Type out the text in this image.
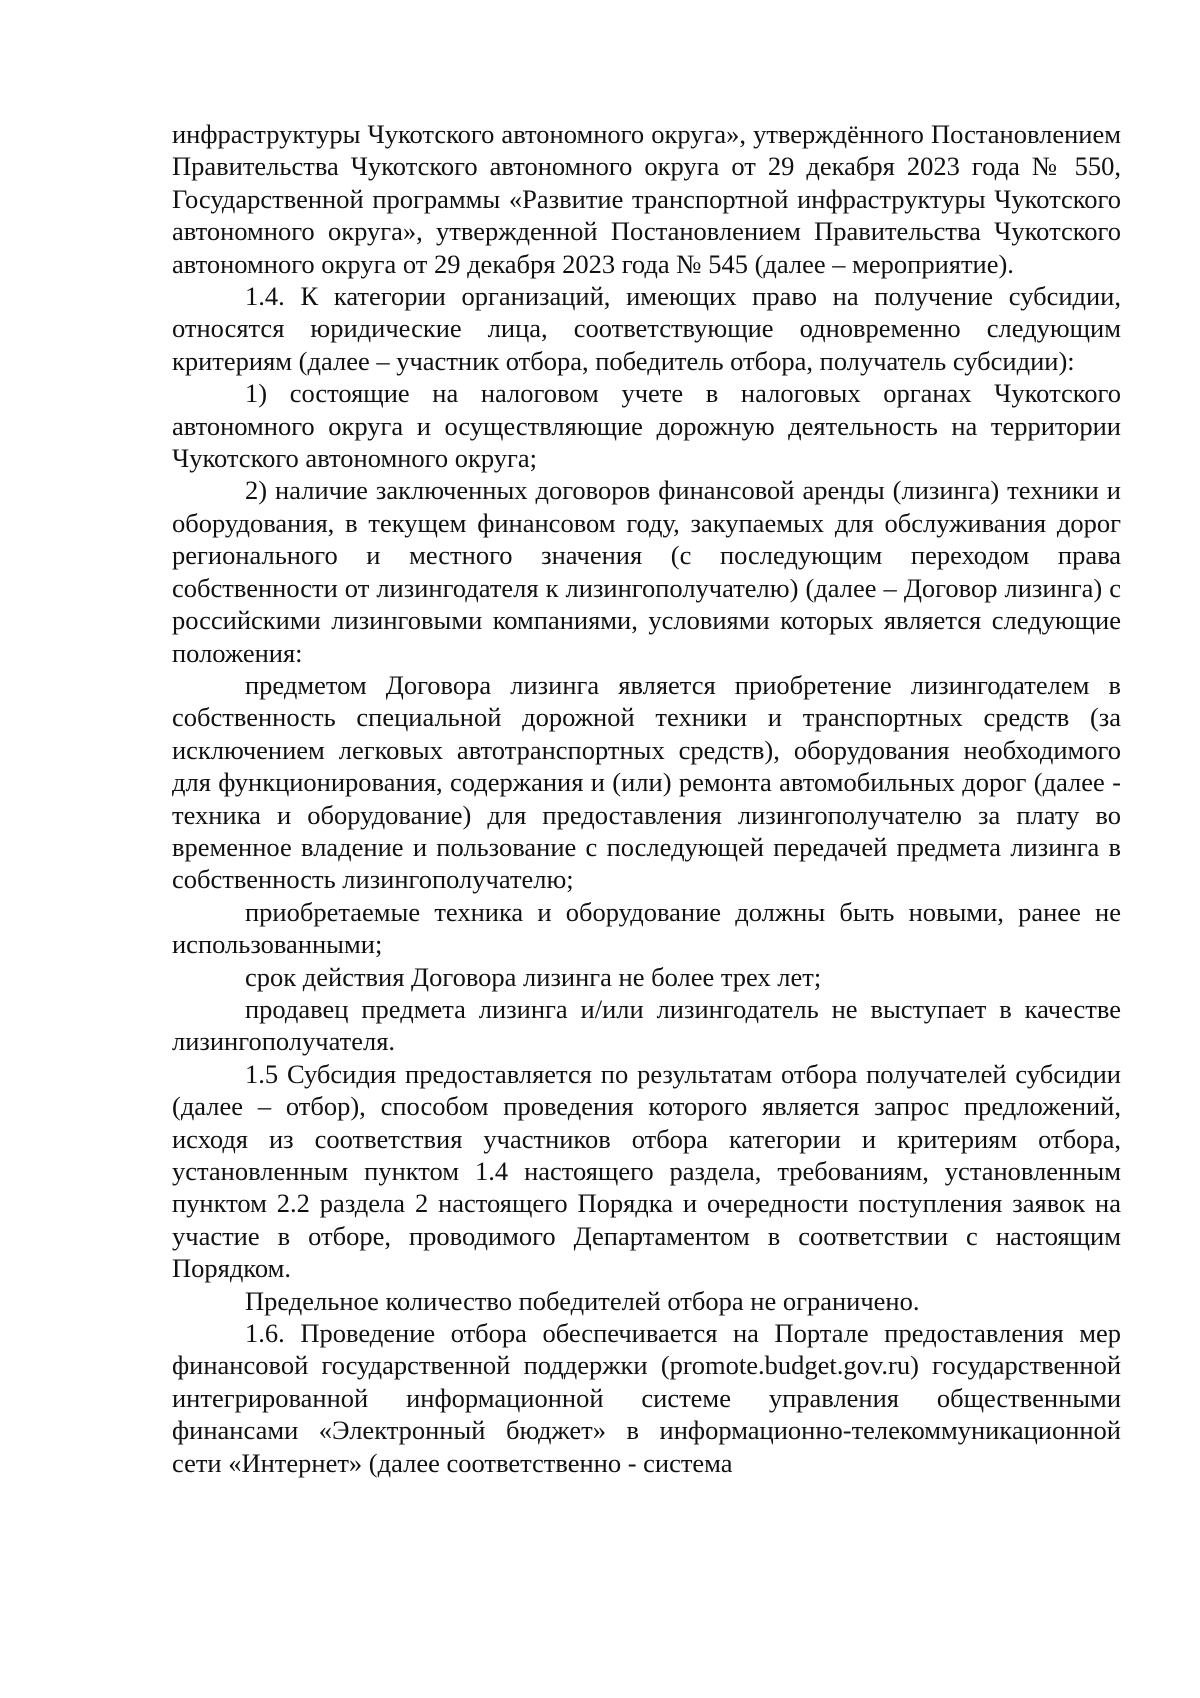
инфраструктуры Чукотского автономного округа», утверждённого Постановлением Правительства Чукотского автономного округа от 29 декабря 2023 года № 550, Государственной программы «Развитие транспортной инфраструктуры Чукотского автономного округа», утвержденной Постановлением Правительства Чукотского автономного округа от 29 декабря 2023 года № 545 (далее – мероприятие).

1.4. К категории организаций, имеющих право на получение субсидии, относятся юридические лица, соответствующие одновременно следующим критериям (далее – участник отбора, победитель отбора, получатель субсидии):

1) состоящие на налоговом учете в налоговых органах Чукотского автономного округа и осуществляющие дорожную деятельность на территории Чукотского автономного округа;

2) наличие заключенных договоров финансовой аренды (лизинга) техники и оборудования, в текущем финансовом году, закупаемых для обслуживания дорог регионального и местного значения (с последующим переходом права собственности от лизингодателя к лизингополучателю) (далее – Договор лизинга) с российскими лизинговыми компаниями, условиями которых является следующие положения:

предметом Договора лизинга является приобретение лизингодателем в собственность специальной дорожной техники и транспортных средств (за исключением легковых автотранспортных средств), оборудования необходимого для функционирования, содержания и (или) ремонта автомобильных дорог (далее - техника и оборудование) для предоставления лизингополучателю за плату во временное владение и пользование с последующей передачей предмета лизинга в собственность лизингополучателю;

приобретаемые техника и оборудование должны быть новыми, ранее не использованными;

срок действия Договора лизинга не более трех лет;

продавец предмета лизинга и/или лизингодатель не выступает в качестве лизингополучателя.

1.5 Субсидия предоставляется по результатам отбора получателей субсидии (далее – отбор), способом проведения которого является запрос предложений, исходя из соответствия участников отбора категории и критериям отбора, установленным пунктом 1.4 настоящего раздела, требованиям, установленным пунктом 2.2 раздела 2 настоящего Порядка и очередности поступления заявок на участие в отборе, проводимого Департаментом в соответствии с настоящим Порядком.

Предельное количество победителей отбора не ограничено.

1.6. Проведение отбора обеспечивается на Портале предоставления мер финансовой государственной поддержки (promote.budget.gov.ru) государственной интегрированной информационной системе управления общественными финансами «Электронный бюджет» в информационно-телекоммуникационной сети «Интернет» (далее соответственно - система
